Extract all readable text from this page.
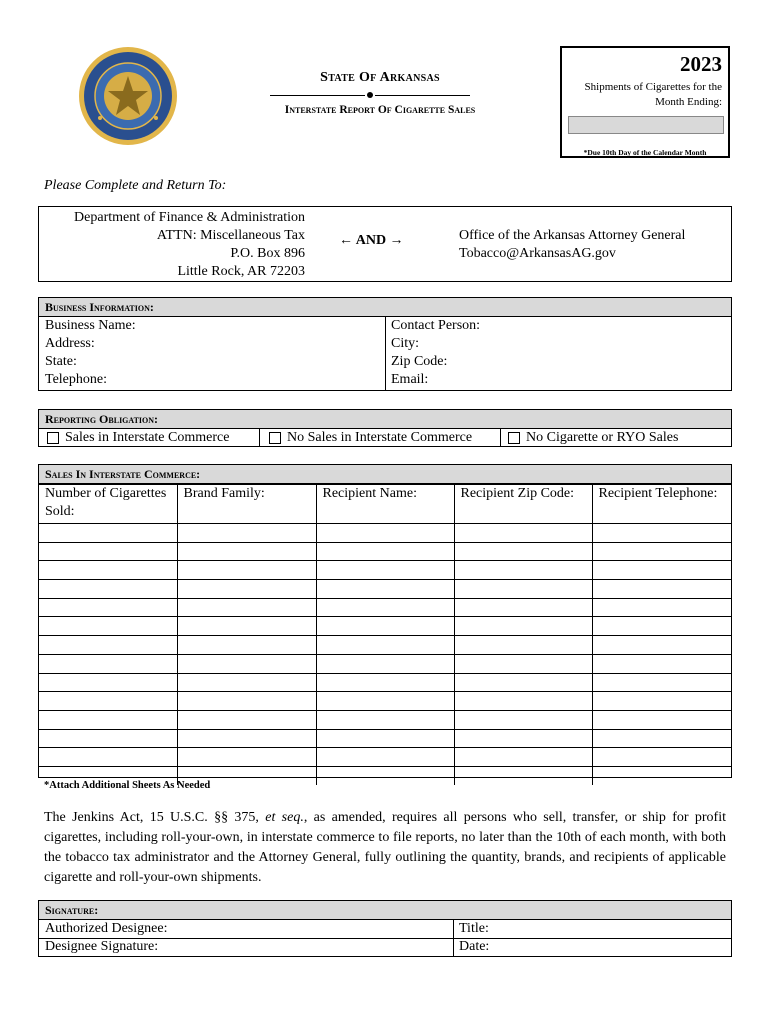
State Of Arkansas
Interstate Report Of Cigarette Sales
2023
Shipments of Cigarettes for the Month Ending:
*Due 10th Day of the Calendar Month
Please Complete and Return To:
Department of Finance & Administration
ATTN: Miscellaneous Tax
P.O. Box 896
Little Rock, AR 72203
← AND →	Office of the Arkansas Attorney General
Tobacco@ArkansasAG.gov
Business Information:
Business Name:	Contact Person:
Address:	City:
State:	Zip Code:
Telephone:	Email:
Reporting Obligation:
Sales in Interstate Commerce	No Sales in Interstate Commerce	No Cigarette or RYO Sales
Sales In Interstate Commerce:
Number of Cigarettes Sold:	Brand Family:	Recipient Name:	Recipient Zip Code:	Recipient Telephone:

*Attach Additional Sheets As Needed
The Jenkins Act, 15 U.S.C. §§ 375, et seq., as amended, requires all persons who sell, transfer, or ship for profit cigarettes, including roll-your-own, in interstate commerce to file reports, no later than the 10th of each month, with both the tobacco tax administrator and the Attorney General, fully outlining the quantity, brands, and recipients of applicable cigarette and roll-your-own shipments.
Signature:
Authorized Designee:	Title:
Designee Signature:	Date:
